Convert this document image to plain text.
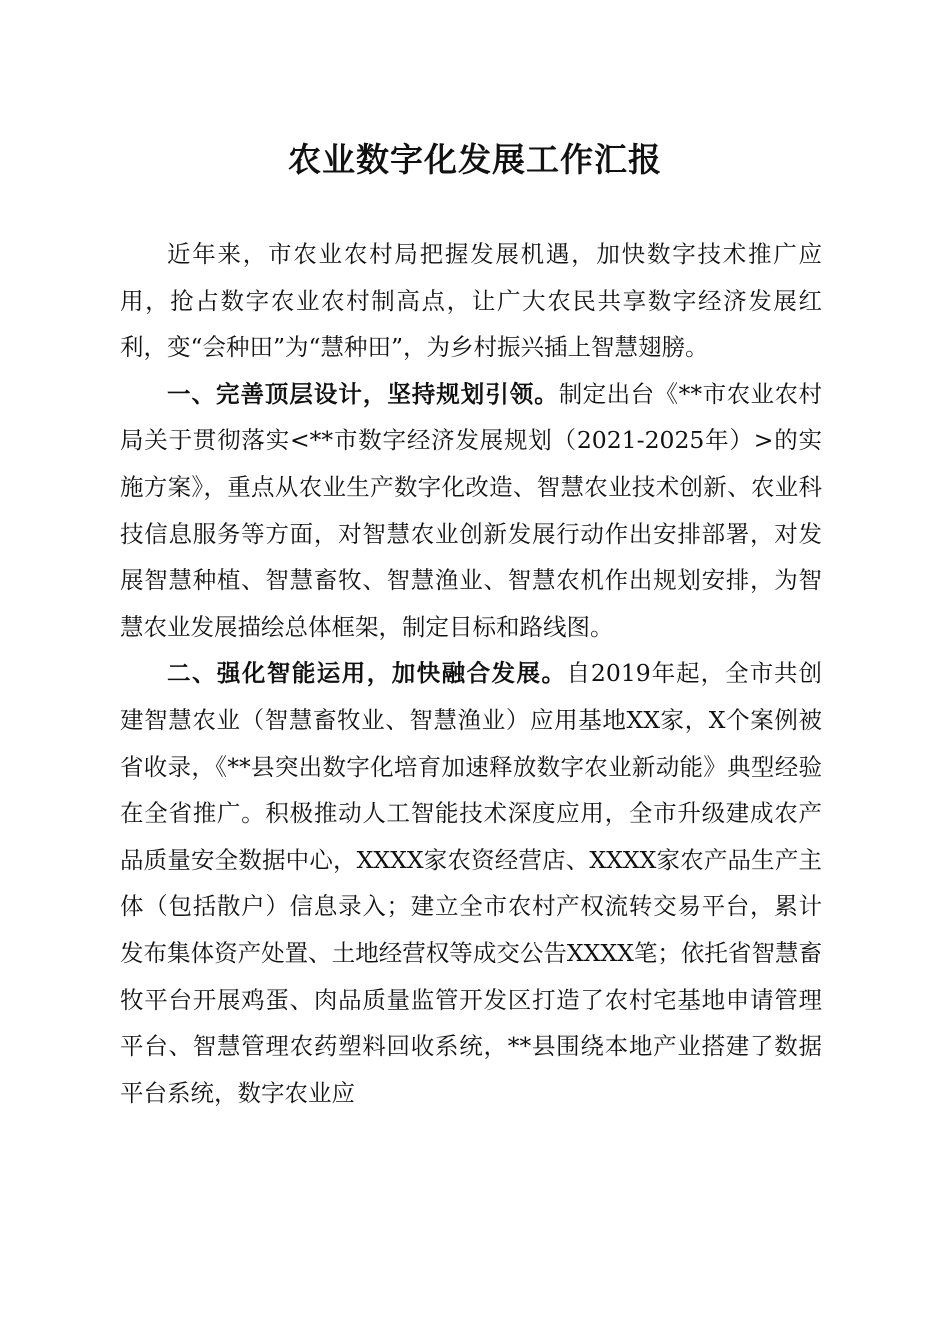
农业数字化发展工作汇报

近年来，市农业农村局把握发展机遇，加快数字技术推广应用，抢占数字农业农村制高点，让广大农民共享数字经济发展红利，变“会种田”为“慧种田”，为乡村振兴插上智慧翅膀。

一、完善顶层设计，坚持规划引领。制定出台《**市农业农村局关于贯彻落实<**市数字经济发展规划（2021-2025年）>的实施方案》，重点从农业生产数字化改造、智慧农业技术创新、农业科技信息服务等方面，对智慧农业创新发展行动作出安排部署，对发展智慧种植、智慧畜牧、智慧渔业、智慧农机作出规划安排，为智慧农业发展描绘总体框架，制定目标和路线图。

二、强化智能运用，加快融合发展。自2019年起，全市共创建智慧农业（智慧畜牧业、智慧渔业）应用基地XX家，X个案例被省收录，《**县突出数字化培育加速释放数字农业新动能》典型经验在全省推广。积极推动人工智能技术深度应用，全市升级建成农产品质量安全数据中心，XXXX家农资经营店、XXXX家农产品生产主体（包括散户）信息录入；建立全市农村产权流转交易平台，累计发布集体资产处置、土地经营权等成交公告XXXX笔；依托省智慧畜牧平台开展鸡蛋、肉品质量监管开发区打造了农村宅基地申请管理平台、智慧管理农药塑料回收系统，**县围绕本地产业搭建了数据平台系统，数字农业应
